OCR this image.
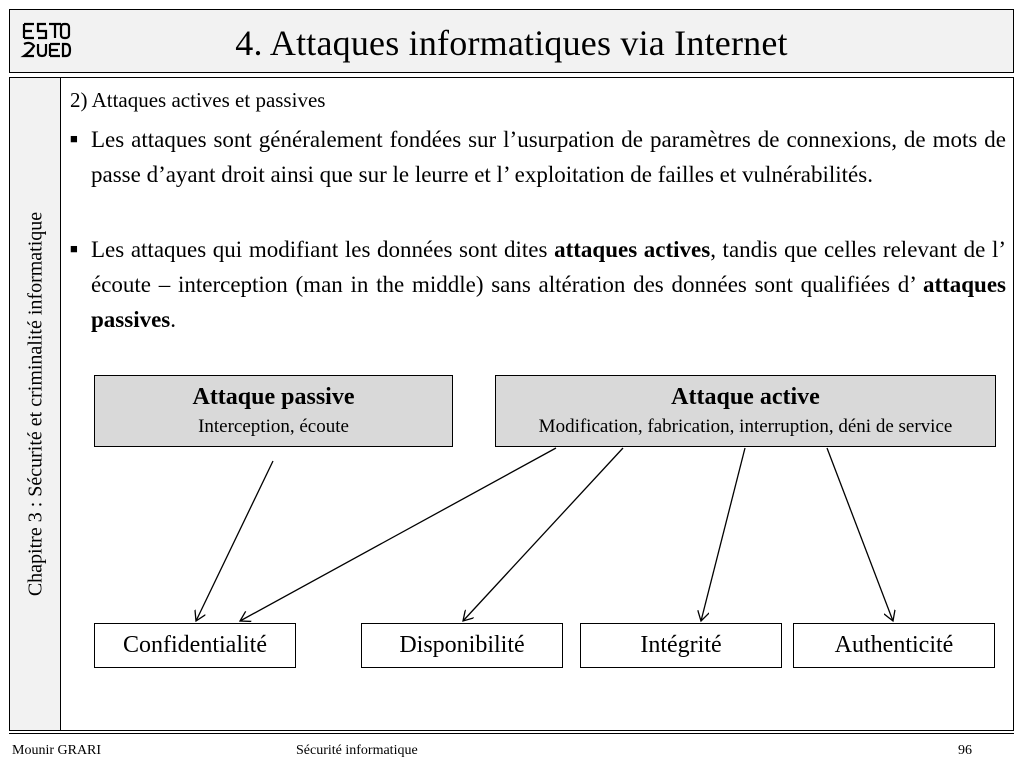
4. Attaques informatiques via Internet
Chapitre 3 : Sécurité et criminalité informatique
2) Attaques actives et passives
■ Les attaques sont généralement fondées sur l’usurpation de paramètres de connexions, de mots de passe d’ayant droit ainsi que sur le leurre et l’ exploitation de failles et vulnérabilités.
■ Les attaques qui modifiant les données sont dites attaques actives, tandis que celles relevant de l’ écoute – interception (man in the middle) sans altération des données sont qualifiées d’ attaques passives.
Attaque passive
Interception, écoute
Attaque active
Modification, fabrication, interruption, déni de service
Confidentialité	Disponibilité	Intégrité	Authenticité
Mounir GRARI	Sécurité informatique	96
